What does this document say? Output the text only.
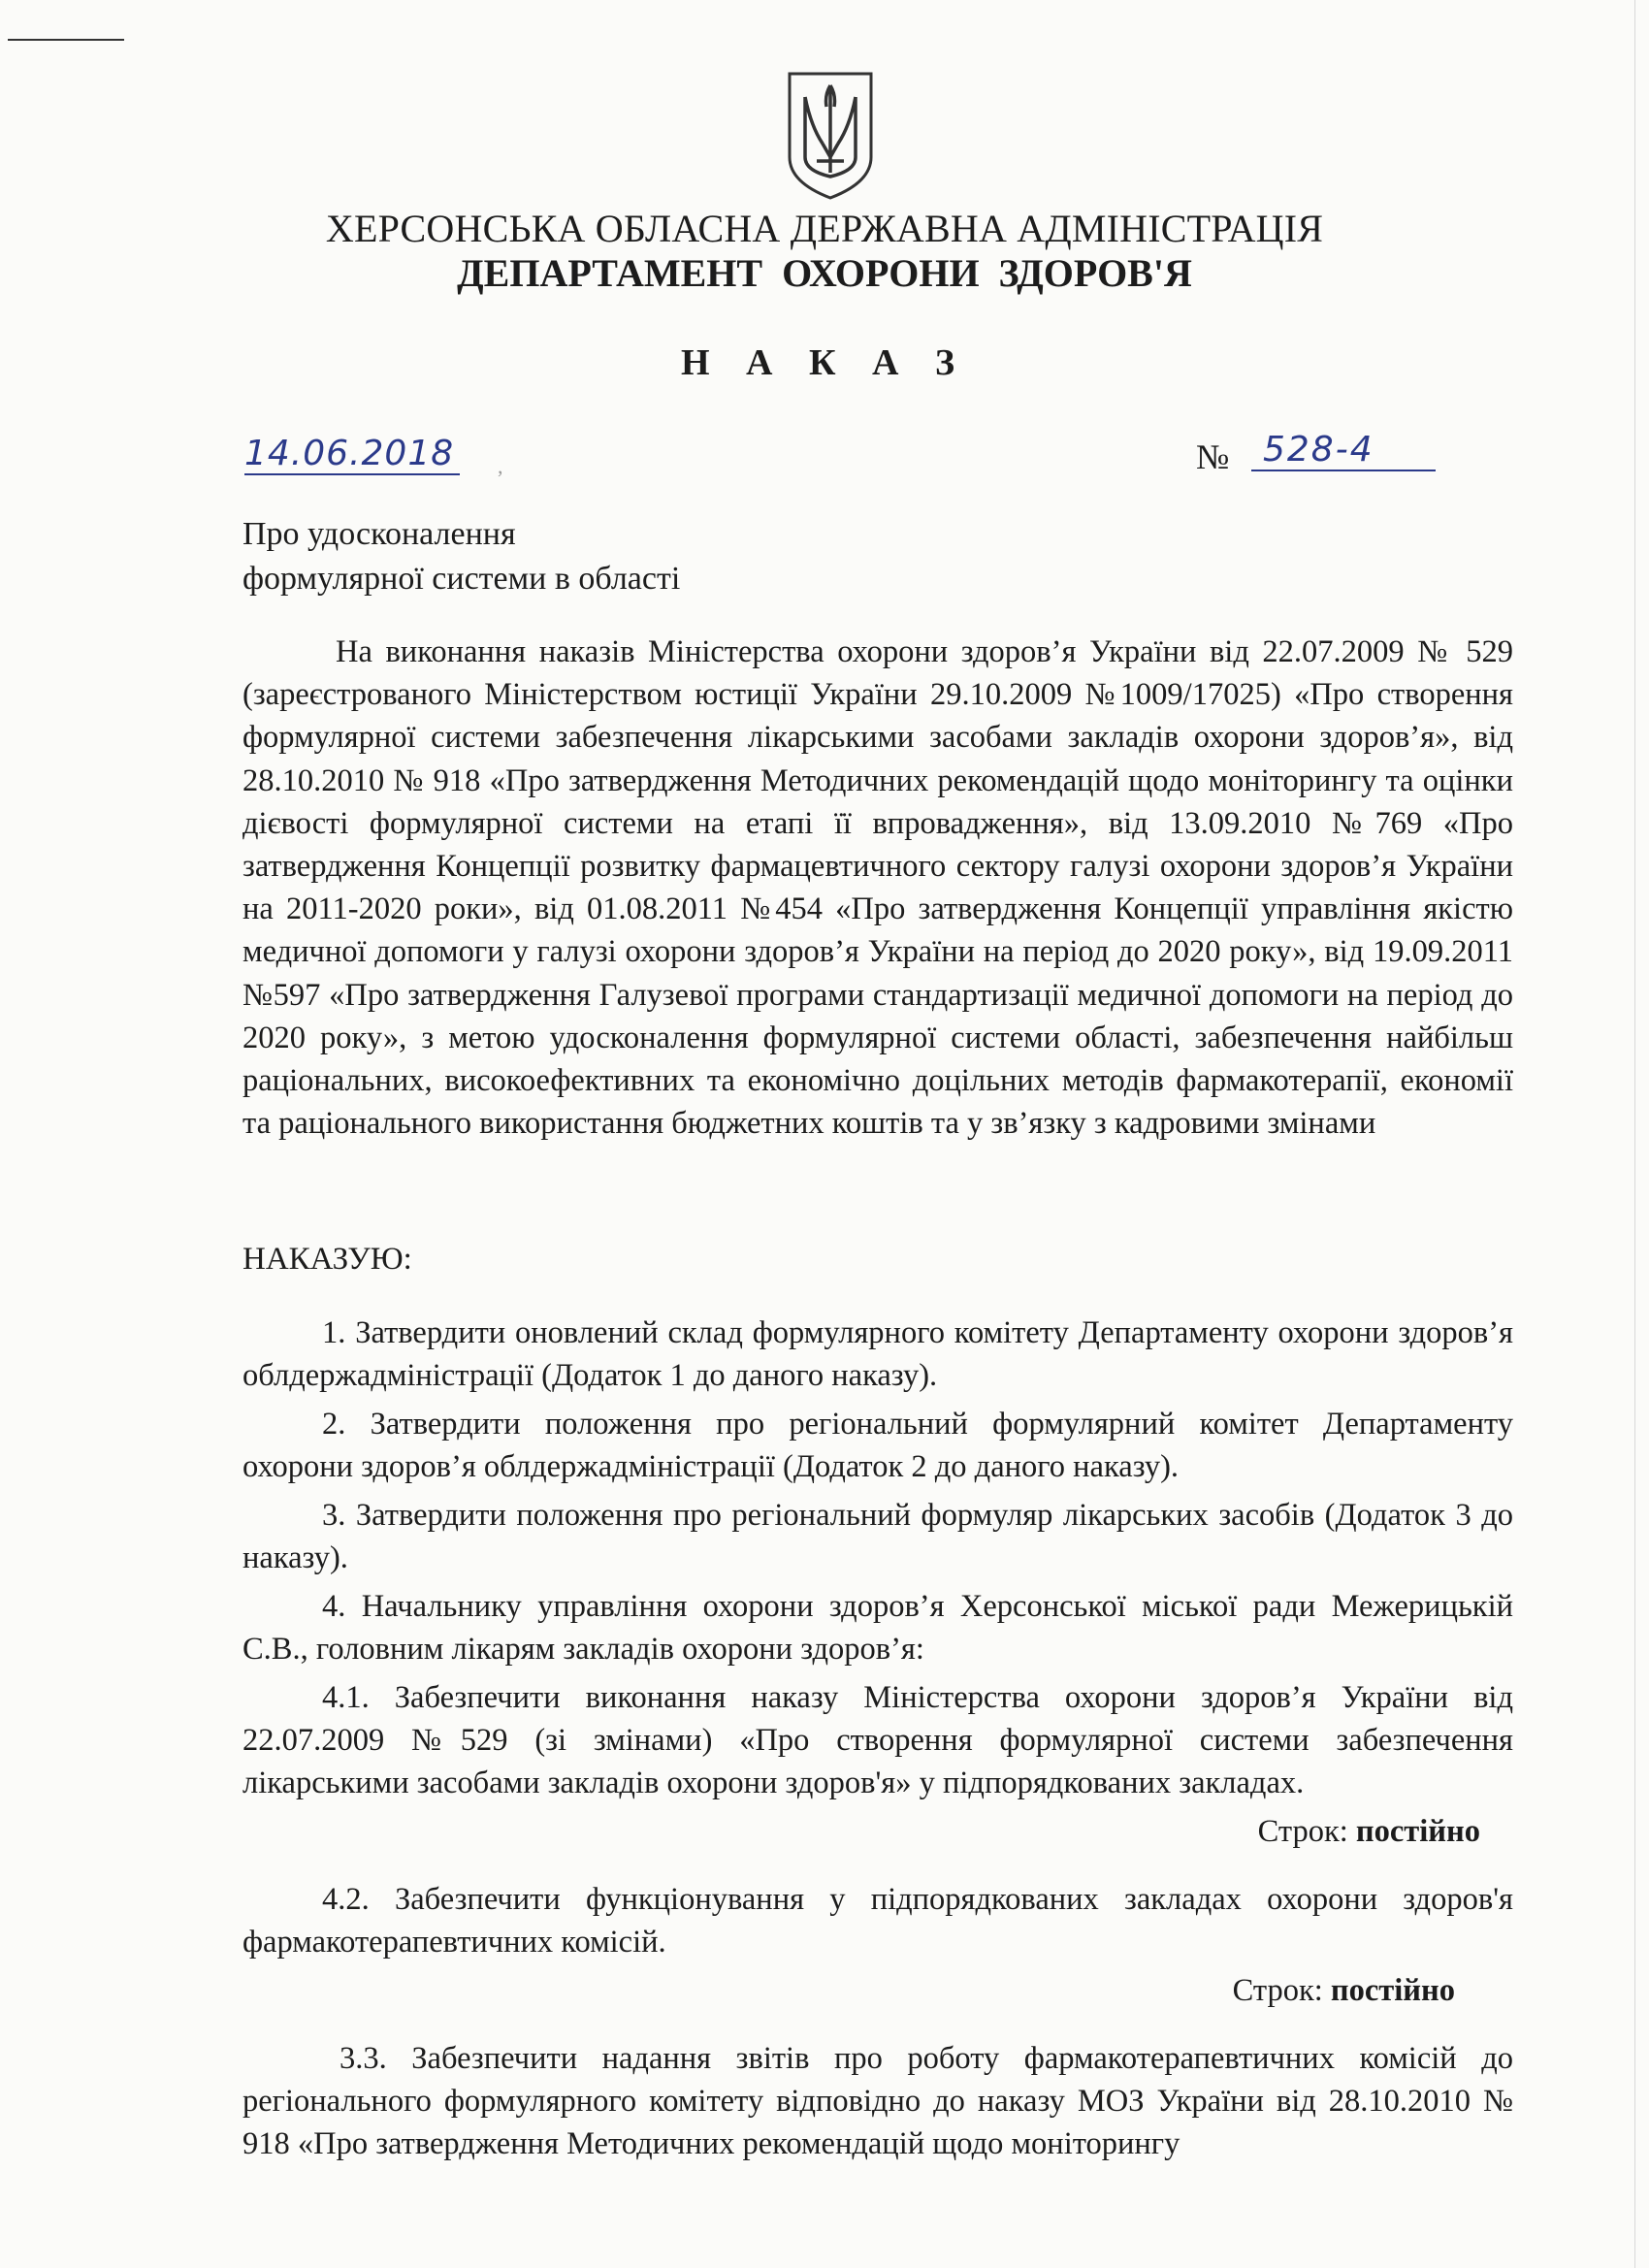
ХЕРСОНСЬКА ОБЛАСНА ДЕРЖАВНА АДМІНІСТРАЦІЯ
ДЕПАРТАМЕНТ ОХОРОНИ ЗДОРОВ'Я
Н А К А З
14.06.2018 ,	№ 528-4
Про удосконалення
формулярної системи в області
На виконання наказів Міністерства охорони здоров’я України від 22.07.2009 № 529 (зареєстрованого Міністерством юстиції України 29.10.2009 №1009/17025) «Про створення формулярної системи забезпечення лікарськими засобами закладів охорони здоров’я», від 28.10.2010 № 918 «Про затвердження Методичних рекомендацій щодо моніторингу та оцінки дієвості формулярної системи на етапі її впровадження», від 13.09.2010 №769 «Про затвердження Концепції розвитку фармацевтичного сектору галузі охорони здоров’я України на 2011-2020 роки», від 01.08.2011 №454 «Про затвердження Концепції управління якістю медичної допомоги у галузі охорони здоров’я України на період до 2020 року», від 19.09.2011 №597 «Про затвердження Галузевої програми стандартизації медичної допомоги на період до 2020 року», з метою удосконалення формулярної системи області, забезпечення найбільш раціональних, високоефективних та економічно доцільних методів фармакотерапії, економії та раціонального використання бюджетних коштів та у зв’язку з кадровими змінами
НАКАЗУЮ:

1. Затвердити оновлений склад формулярного комітету Департаменту охорони здоров’я облдержадміністрації (Додаток 1 до даного наказу).

2. Затвердити положення про регіональний формулярний комітет Департаменту охорони здоров’я облдержадміністрації (Додаток 2 до даного наказу).

3. Затвердити положення про регіональний формуляр лікарських засобів (Додаток 3 до наказу).

4. Начальнику управління охорони здоров’я Херсонської міської ради Межерицькій С.В., головним лікарям закладів охорони здоров’я:

4.1. Забезпечити виконання наказу Міністерства охорони здоров’я України від 22.07.2009 №529 (зі змінами) «Про створення формулярної системи забезпечення лікарськими засобами закладів охорони здоров'я» у підпорядкованих закладах.

Строк: постійно

4.2. Забезпечити функціонування у підпорядкованих закладах охорони здоров'я фармакотерапевтичних комісій.

Строк: постійно

3.3. Забезпечити надання звітів про роботу фармакотерапевтичних комісій до регіонального формулярного комітету відповідно до наказу МОЗ України від 28.10.2010 № 918 «Про затвердження Методичних рекомендацій щодо моніторингу
